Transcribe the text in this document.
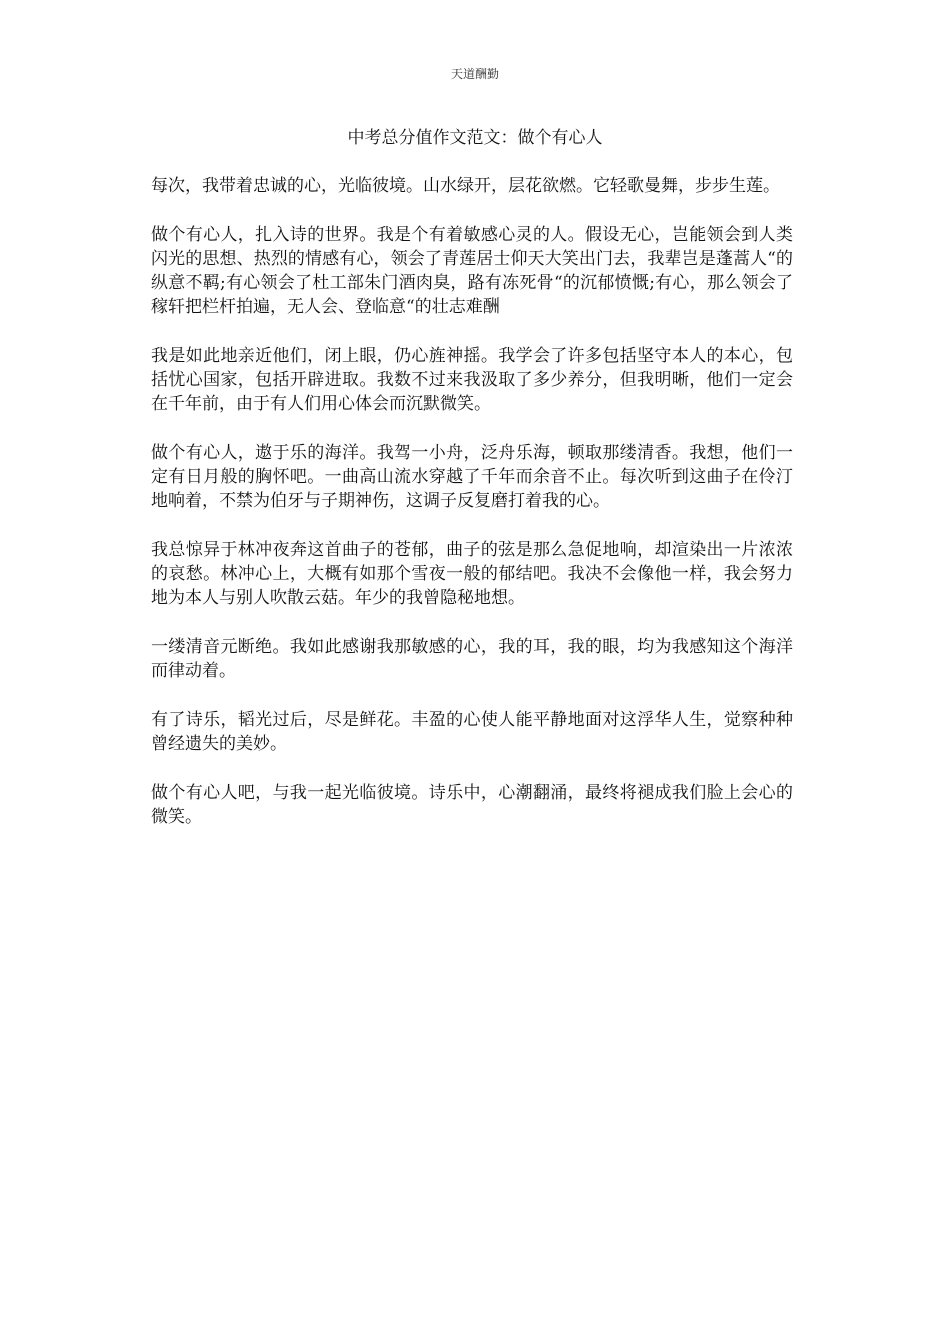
天道酬勤
中考总分值作文范文：做个有心人

每次，我带着忠诚的心，光临彼境。山水绿开，层花欲燃。它轻歌曼舞，步步生莲。

做个有心人，扎入诗的世界。我是个有着敏感心灵的人。假设无心，岂能领会到人类闪光的思想、热烈的情感有心，领会了青莲居士仰天大笑出门去，我辈岂是蓬蒿人“的纵意不羁;有心领会了杜工部朱门酒肉臭，路有冻死骨“的沉郁愤慨;有心，那么领会了稼轩把栏杆拍遍，无人会、登临意“的壮志难酬

我是如此地亲近他们，闭上眼，仍心旌神摇。我学会了许多包括坚守本人的本心，包括忧心国家，包括开辟进取。我数不过来我汲取了多少养分，但我明晰，他们一定会在千年前，由于有人们用心体会而沉默微笑。

做个有心人，遨于乐的海洋。我驾一小舟，泛舟乐海，顿取那缕清香。我想，他们一定有日月般的胸怀吧。一曲高山流水穿越了千年而余音不止。每次听到这曲子在伶汀地响着，不禁为伯牙与子期神伤，这调子反复磨打着我的心。

我总惊异于林冲夜奔这首曲子的苍郁，曲子的弦是那么急促地响，却渲染出一片浓浓的哀愁。林冲心上，大概有如那个雪夜一般的郁结吧。我决不会像他一样，我会努力地为本人与别人吹散云菇。年少的我曾隐秘地想。

一缕清音元断绝。我如此感谢我那敏感的心，我的耳，我的眼，均为我感知这个海洋而律动着。

有了诗乐，韬光过后，尽是鲜花。丰盈的心使人能平静地面对这浮华人生，觉察种种曾经遗失的美妙。

做个有心人吧，与我一起光临彼境。诗乐中，心潮翻涌，最终将褪成我们脸上会心的微笑。
